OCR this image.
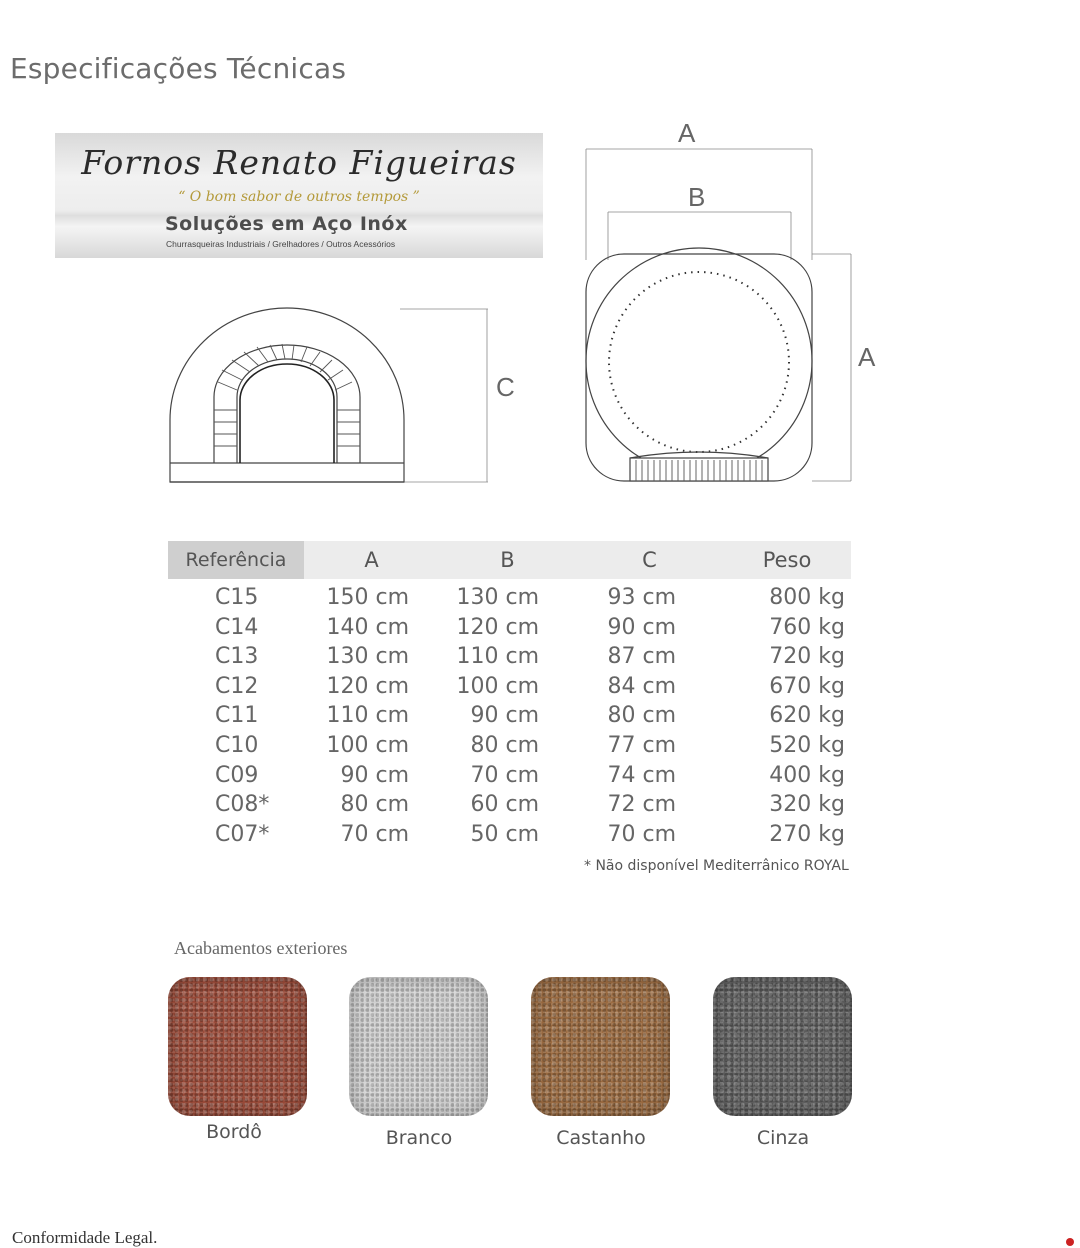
Especificações Técnicas
Fornos Renato Figueiras
“ O bom sabor de outros tempos ”
Soluções em Aço Inóx
Churrasqueiras Industriais / Grelhadores / Outros Acessórios
C
A
B
A
Referência	A	B	C	Peso
C15	150 cm	130 cm	93 cm	800 kg
C14	140 cm	120 cm	90 cm	760 kg
C13	130 cm	110 cm	87 cm	720 kg
C12	120 cm	100 cm	84 cm	670 kg
C11	110 cm	90 cm	80 cm	620 kg
C10	100 cm	80 cm	77 cm	520 kg
C09	90 cm	70 cm	74 cm	400 kg
C08*	80 cm	60 cm	72 cm	320 kg
C07*	70 cm	50 cm	70 cm	270 kg
* Não disponível Mediterrânico ROYAL
Acabamentos exteriores
Bordô	Branco	Castanho	Cinza
Conformidade Legal.
